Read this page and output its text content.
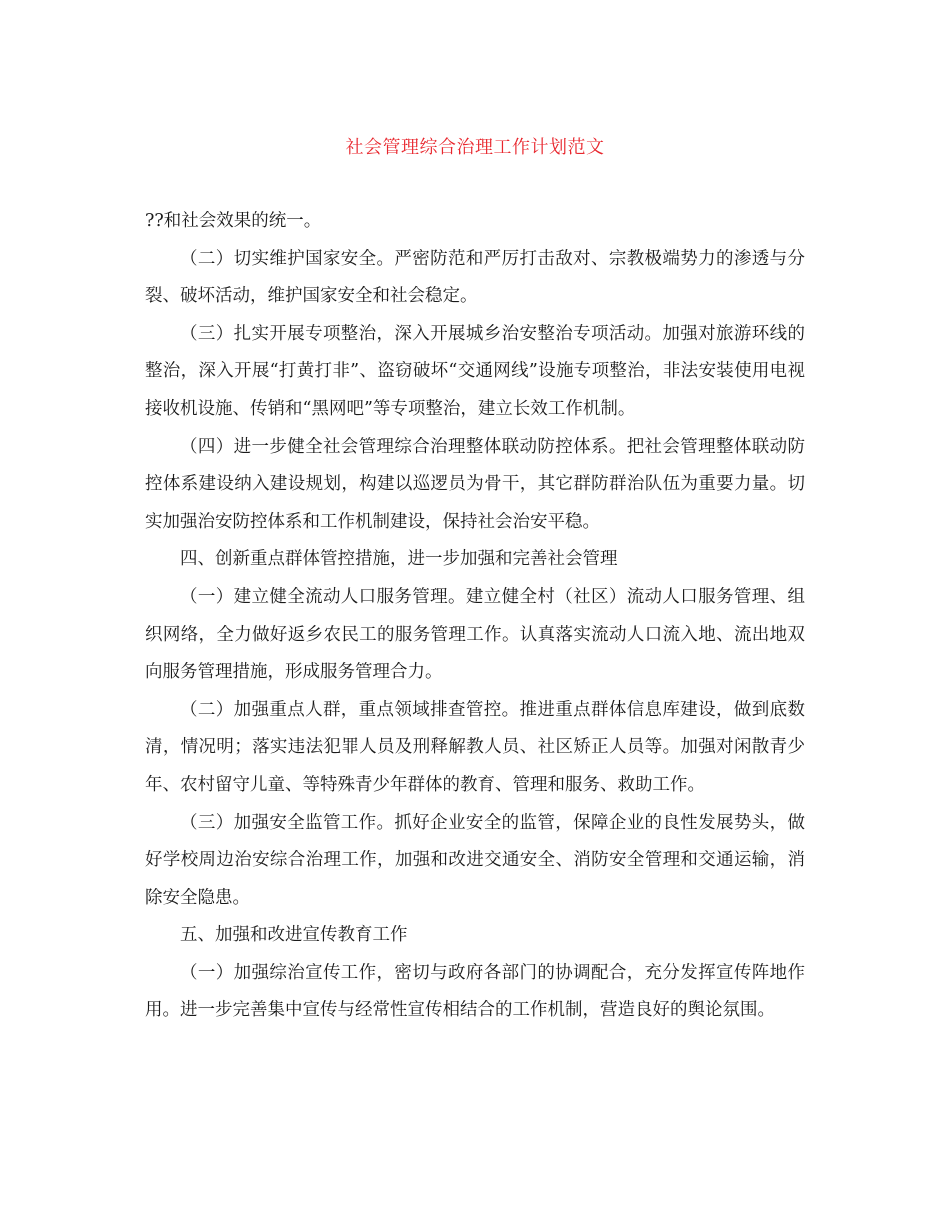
社会管理综合治理工作计划范文

??和社会效果的统一。

（二）切实维护国家安全。严密防范和严厉打击敌对、宗教极端势力的渗透与分裂、破坏活动，维护国家安全和社会稳定。

（三）扎实开展专项整治，深入开展城乡治安整治专项活动。加强对旅游环线的整治，深入开展“打黄打非”、盗窃破坏“交通网线”设施专项整治，非法安装使用电视接收机设施、传销和“黑网吧”等专项整治，建立长效工作机制。

（四）进一步健全社会管理综合治理整体联动防控体系。把社会管理整体联动防控体系建设纳入建设规划，构建以巡逻员为骨干，其它群防群治队伍为重要力量。切实加强治安防控体系和工作机制建设，保持社会治安平稳。

四、创新重点群体管控措施，进一步加强和完善社会管理

（一）建立健全流动人口服务管理。建立健全村（社区）流动人口服务管理、组织网络，全力做好返乡农民工的服务管理工作。认真落实流动人口流入地、流出地双向服务管理措施，形成服务管理合力。

（二）加强重点人群，重点领域排查管控。推进重点群体信息库建设，做到底数清，情况明；落实违法犯罪人员及刑释解教人员、社区矫正人员等。加强对闲散青少年、农村留守儿童、等特殊青少年群体的教育、管理和服务、救助工作。

（三）加强安全监管工作。抓好企业安全的监管，保障企业的良性发展势头，做好学校周边治安综合治理工作，加强和改进交通安全、消防安全管理和交通运输，消除安全隐患。

五、加强和改进宣传教育工作

（一）加强综治宣传工作，密切与政府各部门的协调配合，充分发挥宣传阵地作用。进一步完善集中宣传与经常性宣传相结合的工作机制，营造良好的舆论氛围。
